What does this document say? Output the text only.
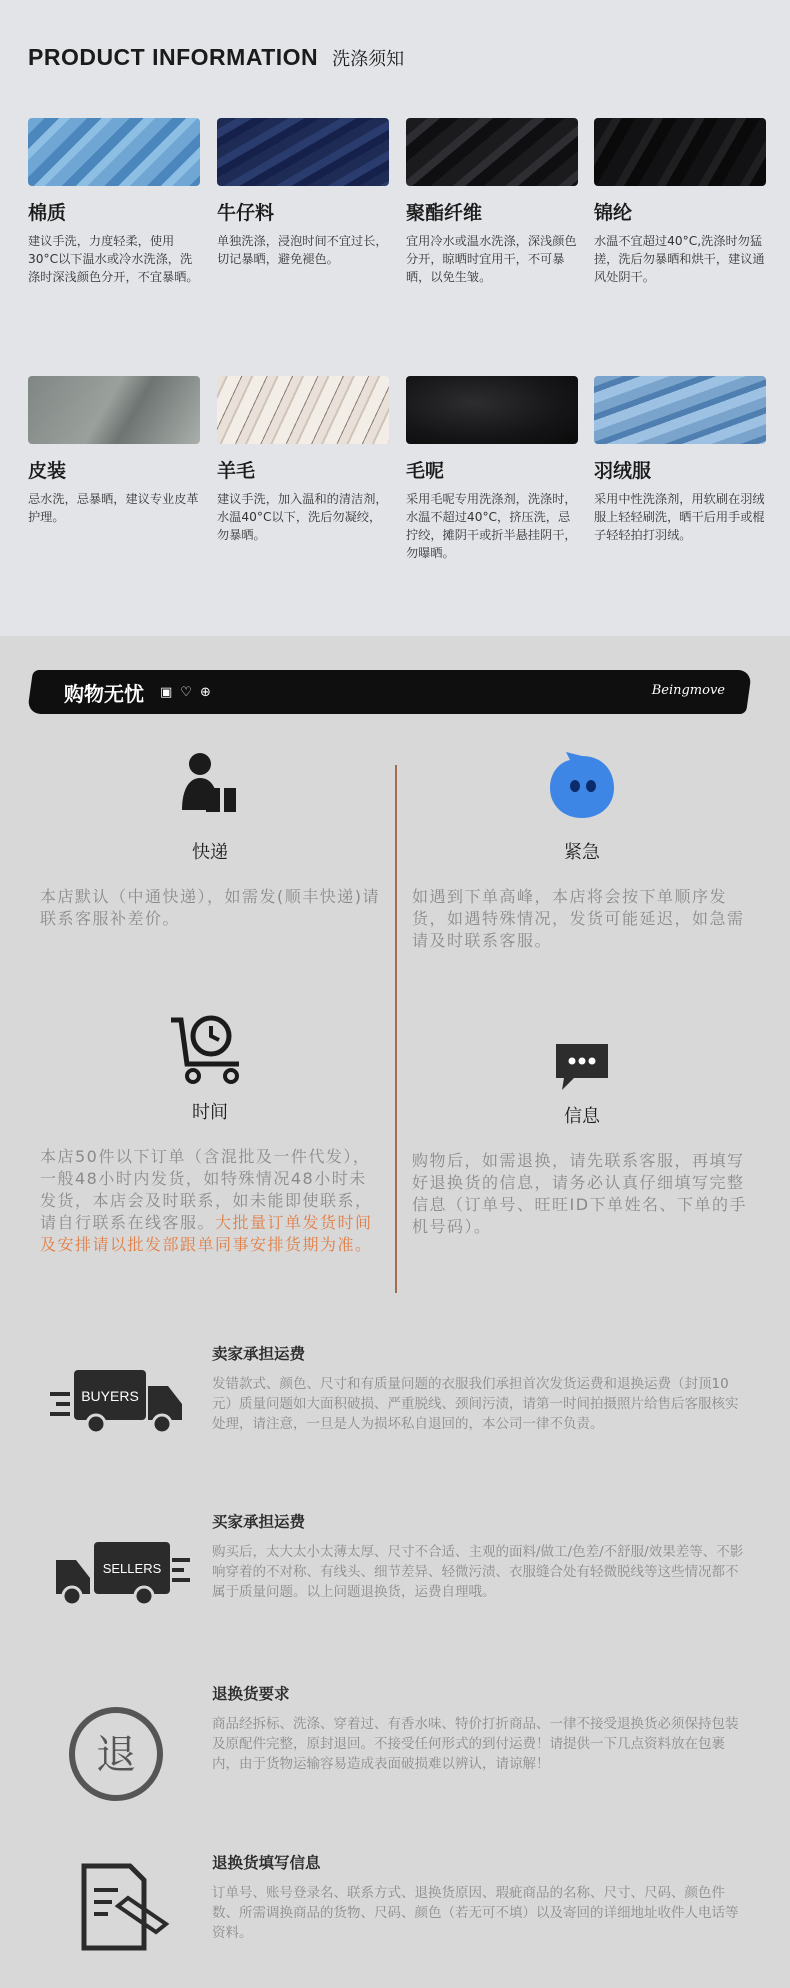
PRODUCT INFORMATION 洗涤须知
棉质
建议手洗，力度轻柔，使用30°C以下温水或冷水洗涤，洗涤时深浅颜色分开，不宜暴晒。
牛仔料
单独洗涤，浸泡时间不宜过长，切记暴晒，避免褪色。
聚酯纤维
宜用冷水或温水洗涤，深浅颜色分开，晾晒时宜用干，不可暴晒，以免生皱。
锦纶
水温不宜超过40°C,洗涤时勿猛搓，洗后勿暴晒和烘干，建议通风处阴干。
皮装
忌水洗，忌暴晒，建议专业皮革护理。
羊毛
建议手洗，加入温和的清洁剂，水温40°C以下，洗后勿凝绞，勿暴晒。
毛呢
采用毛呢专用洗涤剂，洗涤时，水温不超过40°C，挤压洗，忌拧绞，摊阴干或折半悬挂阴干，勿曝晒。
羽绒服
采用中性洗涤剂，用软刷在羽绒服上轻轻刷洗，晒干后用手或棍子轻轻拍打羽绒。
购物无忧 ▣ ♡ ⊕	Beingmove
快递
本店默认（中通快递），如需发(顺丰快递)请联系客服补差价。
紧急
如遇到下单高峰，本店将会按下单顺序发货，如遇特殊情况，发货可能延迟，如急需请及时联系客服。
时间
本店50件以下订单（含混批及一件代发），一般48小时内发货，如特殊情况48小时未发货，本店会及时联系，如未能即使联系，请自行联系在线客服。大批量订单发货时间及安排请以批发部跟单同事安排货期为准。
信息
购物后，如需退换，请先联系客服，再填写好退换货的信息，请务必认真仔细填写完整信息（订单号、旺旺ID下单姓名、下单的手机号码）。
BUYERS
卖家承担运费
发错款式、颜色、尺寸和有质量问题的衣服我们承担首次发货运费和退换运费（封顶10元）质量问题如大面积破损、严重脱线、颈间污渍，请第一时间拍摄照片给售后客服核实处理，请注意，一旦是人为损坏私自退回的，本公司一律不负责。
SELLERS
买家承担运费
购买后，太大太小太薄太厚、尺寸不合适、主观的面料/做工/色差/不舒服/效果差等、不影响穿着的不对称、有线头、细节差异、轻微污渍、衣服缝合处有轻微脱线等这些情况都不属于质量问题。以上问题退换货，运费自理哦。
退
退换货要求
商品经拆标、洗涤、穿着过、有香水味、特价打折商品、一律不接受退换货必须保持包装及原配件完整，原封退回。不接受任何形式的到付运费！请提供一下几点资料放在包裹内，由于货物运输容易造成表面破损难以辨认，请谅解！
退换货填写信息
订单号、账号登录名、联系方式、退换货原因、瑕疵商品的名称、尺寸、尺码、颜色件数、所需调换商品的货物、尺码、颜色（若无可不填）以及寄回的详细地址收件人电话等资料。
